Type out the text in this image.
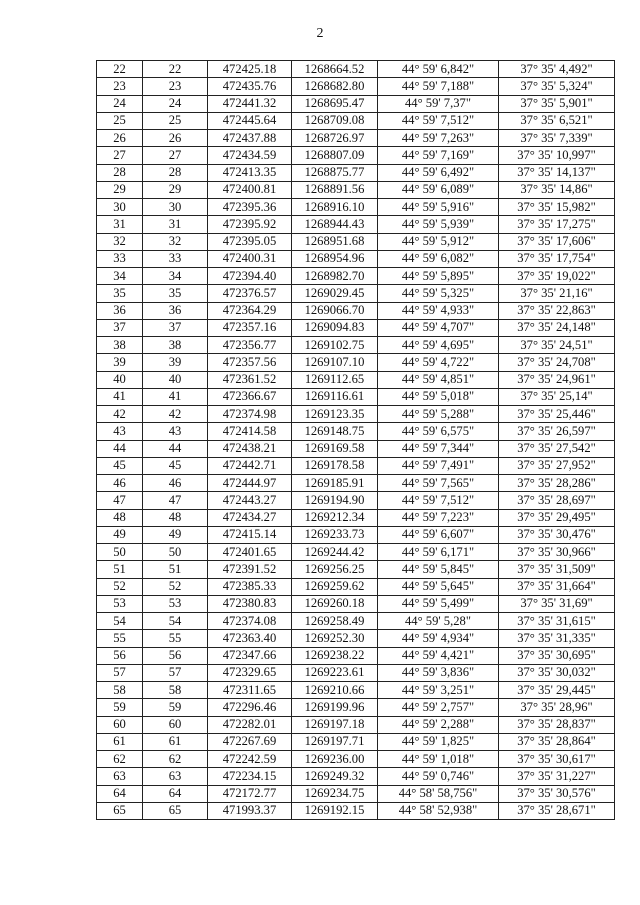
2
22	22	472425.18	1268664.52	44° 59' 6,842"	37° 35' 4,492"
23	23	472435.76	1268682.80	44° 59' 7,188"	37° 35' 5,324"
24	24	472441.32	1268695.47	44° 59' 7,37"	37° 35' 5,901"
25	25	472445.64	1268709.08	44° 59' 7,512"	37° 35' 6,521"
26	26	472437.88	1268726.97	44° 59' 7,263"	37° 35' 7,339"
27	27	472434.59	1268807.09	44° 59' 7,169"	37° 35' 10,997"
28	28	472413.35	1268875.77	44° 59' 6,492"	37° 35' 14,137"
29	29	472400.81	1268891.56	44° 59' 6,089"	37° 35' 14,86"
30	30	472395.36	1268916.10	44° 59' 5,916"	37° 35' 15,982"
31	31	472395.92	1268944.43	44° 59' 5,939"	37° 35' 17,275"
32	32	472395.05	1268951.68	44° 59' 5,912"	37° 35' 17,606"
33	33	472400.31	1268954.96	44° 59' 6,082"	37° 35' 17,754"
34	34	472394.40	1268982.70	44° 59' 5,895"	37° 35' 19,022"
35	35	472376.57	1269029.45	44° 59' 5,325"	37° 35' 21,16"
36	36	472364.29	1269066.70	44° 59' 4,933"	37° 35' 22,863"
37	37	472357.16	1269094.83	44° 59' 4,707"	37° 35' 24,148"
38	38	472356.77	1269102.75	44° 59' 4,695"	37° 35' 24,51"
39	39	472357.56	1269107.10	44° 59' 4,722"	37° 35' 24,708"
40	40	472361.52	1269112.65	44° 59' 4,851"	37° 35' 24,961"
41	41	472366.67	1269116.61	44° 59' 5,018"	37° 35' 25,14"
42	42	472374.98	1269123.35	44° 59' 5,288"	37° 35' 25,446"
43	43	472414.58	1269148.75	44° 59' 6,575"	37° 35' 26,597"
44	44	472438.21	1269169.58	44° 59' 7,344"	37° 35' 27,542"
45	45	472442.71	1269178.58	44° 59' 7,491"	37° 35' 27,952"
46	46	472444.97	1269185.91	44° 59' 7,565"	37° 35' 28,286"
47	47	472443.27	1269194.90	44° 59' 7,512"	37° 35' 28,697"
48	48	472434.27	1269212.34	44° 59' 7,223"	37° 35' 29,495"
49	49	472415.14	1269233.73	44° 59' 6,607"	37° 35' 30,476"
50	50	472401.65	1269244.42	44° 59' 6,171"	37° 35' 30,966"
51	51	472391.52	1269256.25	44° 59' 5,845"	37° 35' 31,509"
52	52	472385.33	1269259.62	44° 59' 5,645"	37° 35' 31,664"
53	53	472380.83	1269260.18	44° 59' 5,499"	37° 35' 31,69"
54	54	472374.08	1269258.49	44° 59' 5,28"	37° 35' 31,615"
55	55	472363.40	1269252.30	44° 59' 4,934"	37° 35' 31,335"
56	56	472347.66	1269238.22	44° 59' 4,421"	37° 35' 30,695"
57	57	472329.65	1269223.61	44° 59' 3,836"	37° 35' 30,032"
58	58	472311.65	1269210.66	44° 59' 3,251"	37° 35' 29,445"
59	59	472296.46	1269199.96	44° 59' 2,757"	37° 35' 28,96"
60	60	472282.01	1269197.18	44° 59' 2,288"	37° 35' 28,837"
61	61	472267.69	1269197.71	44° 59' 1,825"	37° 35' 28,864"
62	62	472242.59	1269236.00	44° 59' 1,018"	37° 35' 30,617"
63	63	472234.15	1269249.32	44° 59' 0,746"	37° 35' 31,227"
64	64	472172.77	1269234.75	44° 58' 58,756"	37° 35' 30,576"
65	65	471993.37	1269192.15	44° 58' 52,938"	37° 35' 28,671"
